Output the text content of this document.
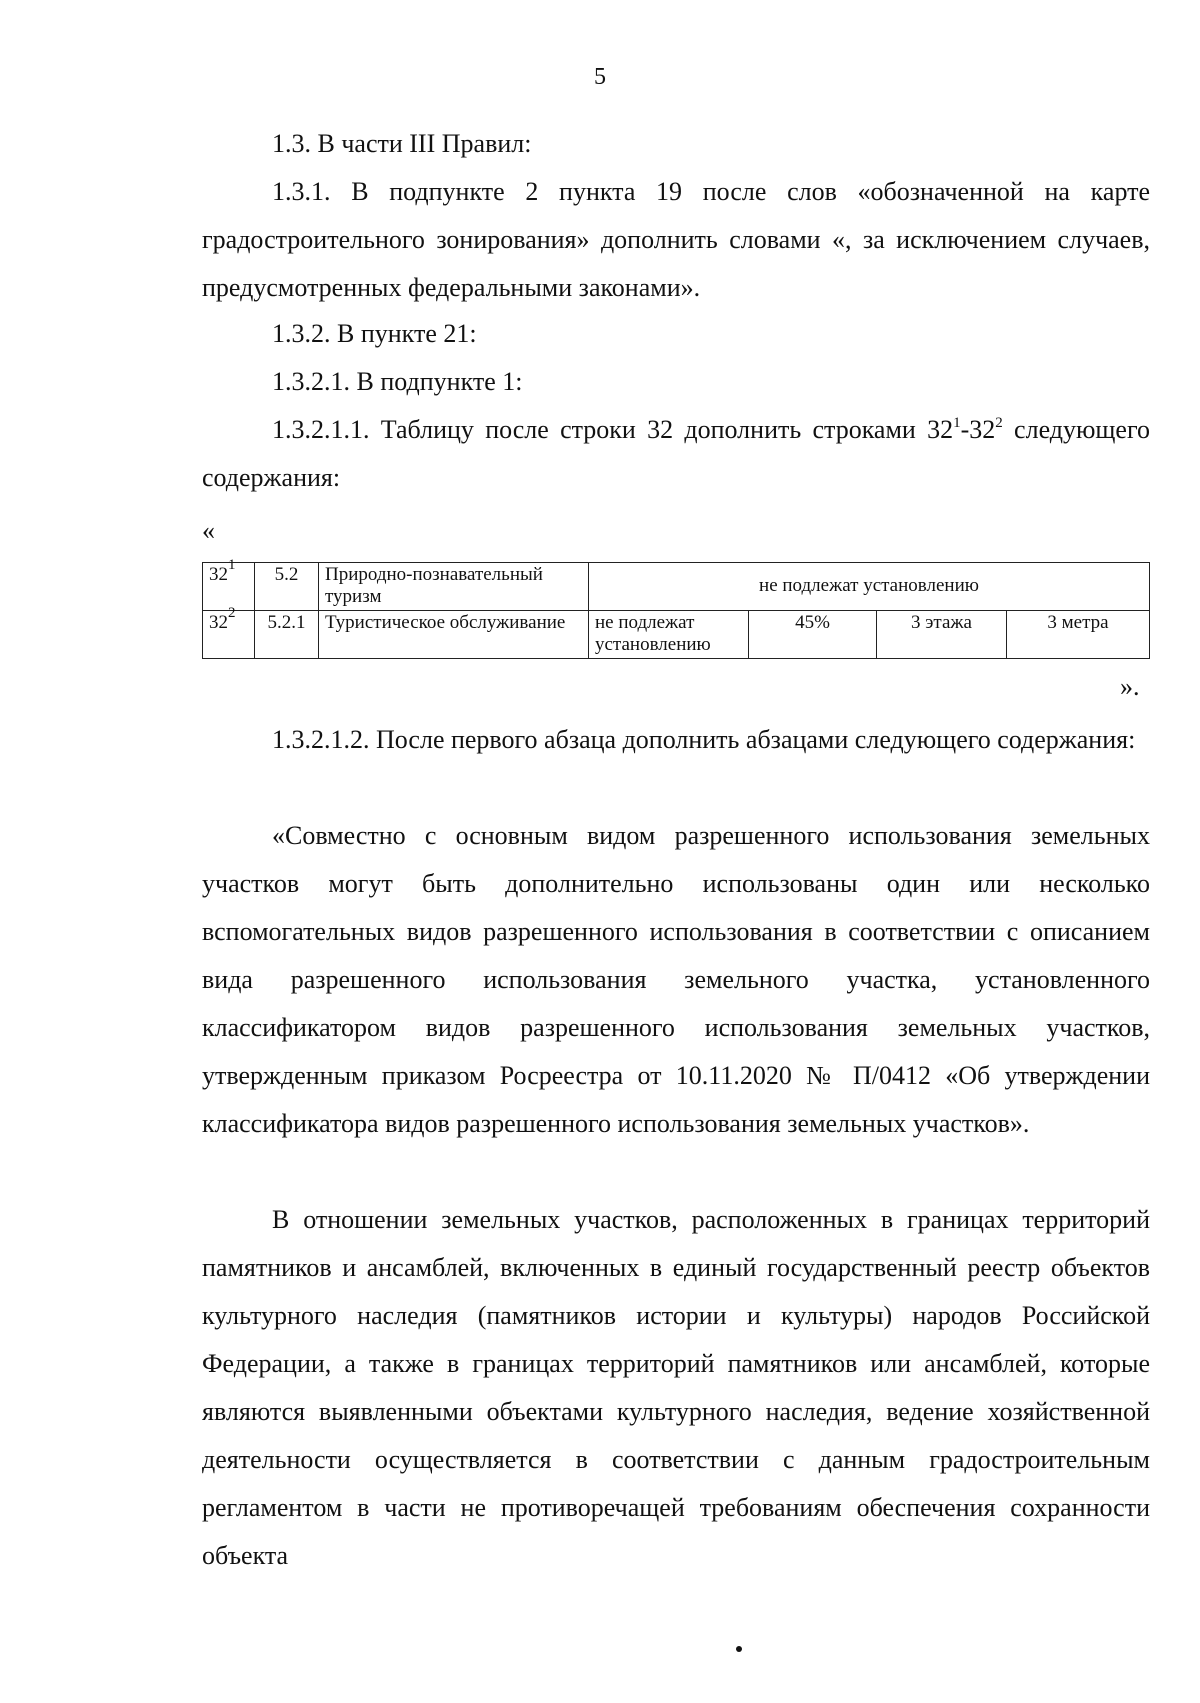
5

1.3. В части III Правил:

1.3.1. В подпункте 2 пункта 19 после слов «обозначенной на карте градостроительного зонирования» дополнить словами «, за исключением случаев, предусмотренных федеральными законами».

1.3.2. В пункте 21:

1.3.2.1. В подпункте 1:

1.3.2.1.1. Таблицу после строки 32 дополнить строками $32^1-32^2$ следующего содержания:

«
$32^1$	5.2	Природно-познавательный туризм	не подлежат установлению			
$32^2$	5.2.1	Туристическое обслуживание	не подлежат установлению	45%	3 этажа	3 метра
».

1.3.2.1.2. После первого абзаца дополнить абзацами следующего содержания:

«Совместно с основным видом разрешенного использования земельных участков могут быть дополнительно использованы один или несколько вспомогательных видов разрешенного использования в соответствии с описанием вида разрешенного использования земельного участка, установленного классификатором видов разрешенного использования земельных участков, утвержденным приказом Росреестра от 10.11.2020 № П/0412 «Об утверждении классификатора видов разрешенного использования земельных участков».

В отношении земельных участков, расположенных в границах территорий памятников и ансамблей, включенных в единый государственный реестр объектов культурного наследия (памятников истории и культуры) народов Российской Федерации, а также в границах территорий памятников или ансамблей, которые являются выявленными объектами культурного наследия, ведение хозяйственной деятельности осуществляется в соответствии с данным градостроительным регламентом в части не противоречащей требованиям обеспечения сохранности объекта
